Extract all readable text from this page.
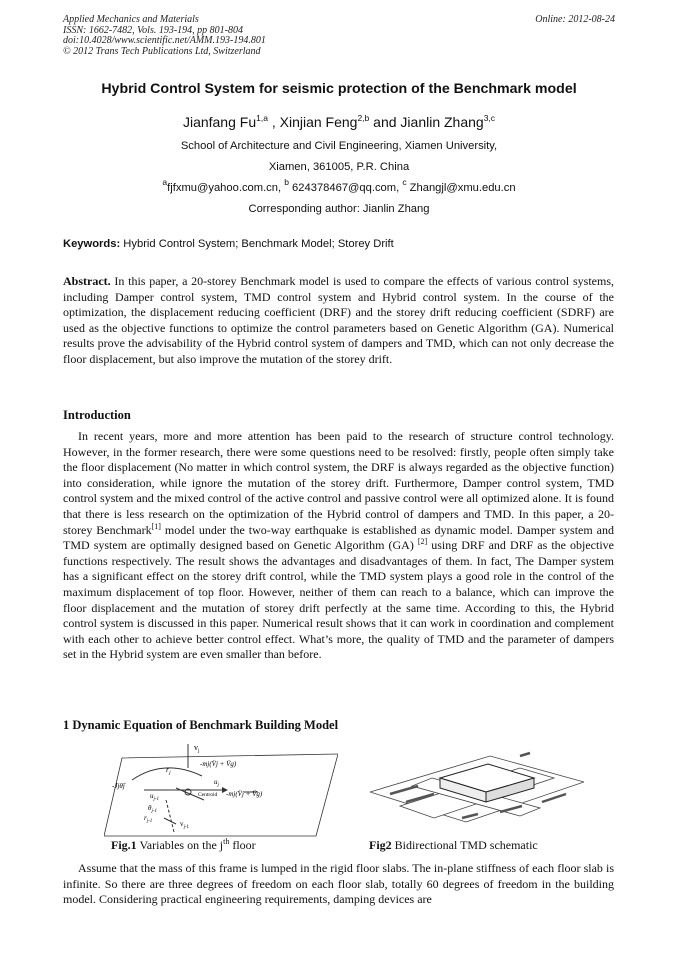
Applied Mechanics and Materials
ISSN: 1662-7482, Vols. 193-194, pp 801-804
doi:10.4028/www.scientific.net/AMM.193-194.801
© 2012 Trans Tech Publications Ltd, Switzerland
Online: 2012-08-24
Hybrid Control System for seismic protection of the Benchmark model
Jianfang Fu$^{1,a}$ , Xinjian Feng$^{2,b}$ and Jianlin Zhang$^{3,c}$
School of Architecture and Civil Engineering, Xiamen University,
Xiamen, 361005, P.R. China
$^a$fjfxmu@yahoo.com.cn, $^b$ 624378467@qq.com, $^c$ Zhangjl@xmu.edu.cn
Corresponding author: Jianlin Zhang
Keywords: Hybrid Control System; Benchmark Model; Storey Drift
Abstract. In this paper, a 20-storey Benchmark model is used to compare the effects of various control systems, including Damper control system, TMD control system and Hybrid control system. In the course of the optimization, the displacement reducing coefficient (DRF) and the storey drift reducing coefficient (SDRF) are used as the objective functions to optimize the control parameters based on Genetic Algorithm (GA). Numerical results prove the advisability of the Hybrid control system of dampers and TMD, which can not only decrease the floor displacement, but also improve the mutation of the storey drift.
Introduction
In recent years, more and more attention has been paid to the research of structure control technology. However, in the former research, there were some questions need to be resolved: firstly, people often simply take the floor displacement (No matter in which control system, the DRF is always regarded as the objective function) into consideration, while ignore the mutation of the storey drift. Furthermore, Damper control system, TMD control system and the mixed control of the active control and passive control were all optimized alone. It is found that there is less research on the optimization of the Hybrid control of dampers and TMD. In this paper, a 20-storey Benchmark[1] model under the two-way earthquake is established as dynamic model. Damper system and TMD system are optimally designed based on Genetic Algorithm (GA) [2] using DRF and DRF as the objective functions respectively. The result shows the advantages and disadvantages of them. In fact, The Damper system has a significant effect on the storey drift control, while the TMD system plays a good role in the control of the maximum displacement of top floor. However, neither of them can reach to a balance, which can improve the floor displacement and the mutation of storey drift perfectly at the same time. According to this, the Hybrid control system is discussed in this paper. Numerical result shows that it can work in coordination and complement with each other to achieve better control effect. What’s more, the quality of TMD and the parameter of dampers set in the Hybrid system are even smaller than before.
1 Dynamic Equation of Benchmark Building Model
$v_j$
-mj(V̈j + V̈g)
$r_j$
-Jjθ̈j	$u_j$
$u_{j-1}$
Centroid -mj(V̈j + V̈g)
$\theta_{j-1}$
$r_{j-1}$	$v_{j-1}$
Fig.1 Variables on the $j^{th}$ floor	Fig2 Bidirectional TMD schematic
Assume that the mass of this frame is lumped in the rigid floor slabs. The in-plane stiffness of each floor slab is infinite. So there are three degrees of freedom on each floor slab, totally 60 degrees of freedom in the building model. Considering practical engineering requirements, damping devices are
